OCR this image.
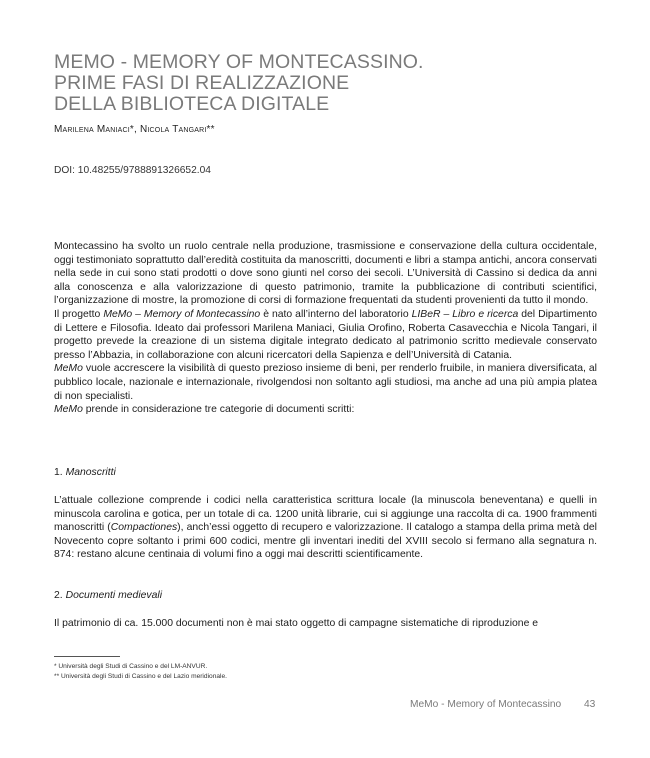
MEMO - MEMORY OF MONTECASSINO.
PRIME FASI DI REALIZZAZIONE
DELLA BIBLIOTECA DIGITALE
Marilena Maniaci*, Nicola Tangari**
DOI: 10.48255/9788891326652.04

Montecassino ha svolto un ruolo centrale nella produzione, trasmissione e conservazione della cultura occidentale, oggi testimoniato soprattutto dall’eredità costituita da manoscritti, documenti e libri a stampa antichi, ancora conservati nella sede in cui sono stati prodotti o dove sono giunti nel corso dei secoli. L’Università di Cassino si dedica da anni alla conoscenza e alla valorizzazione di questo patrimonio, tramite la pubblicazione di contributi scientifici, l’organizzazione di mostre, la promozione di corsi di formazione frequentati da studenti provenienti da tutto il mondo.

Il progetto MeMo – Memory of Montecassino è nato all’interno del laboratorio LIBeR – Libro e ricerca del Dipartimento di Lettere e Filosofia. Ideato dai professori Marilena Maniaci, Giulia Orofino, Roberta Casavecchia e Nicola Tangari, il progetto prevede la creazione di un sistema digitale integrato dedicato al patrimonio scritto medievale conservato presso l’Abbazia, in collaborazione con alcuni ricercatori della Sapienza e dell’Università di Catania.

MeMo vuole accrescere la visibilità di questo prezioso insieme di beni, per renderlo fruibile, in maniera diversificata, al pubblico locale, nazionale e internazionale, rivolgendosi non soltanto agli studiosi, ma anche ad una più ampia platea di non specialisti.

MeMo prende in considerazione tre categorie di documenti scritti:

1. Manoscritti

L’attuale collezione comprende i codici nella caratteristica scrittura locale (la minuscola beneventana) e quelli in minuscola carolina e gotica, per un totale di ca. 1200 unità librarie, cui si aggiunge una raccolta di ca. 1900 frammenti manoscritti (Compactiones), anch’essi oggetto di recupero e valorizzazione. Il catalogo a stampa della prima metà del Novecento copre soltanto i primi 600 codici, mentre gli inventari inediti del XVIII secolo si fermano alla segnatura n. 874: restano alcune centinaia di volumi fino a oggi mai descritti scientificamente.

2. Documenti medievali

Il patrimonio di ca. 15.000 documenti non è mai stato oggetto di campagne sistematiche di riproduzione e

* Università degli Studi di Cassino e del LM-ANVUR.
** Università degli Studi di Cassino e del Lazio meridionale.
MeMo - Memory of Montecassino 43
